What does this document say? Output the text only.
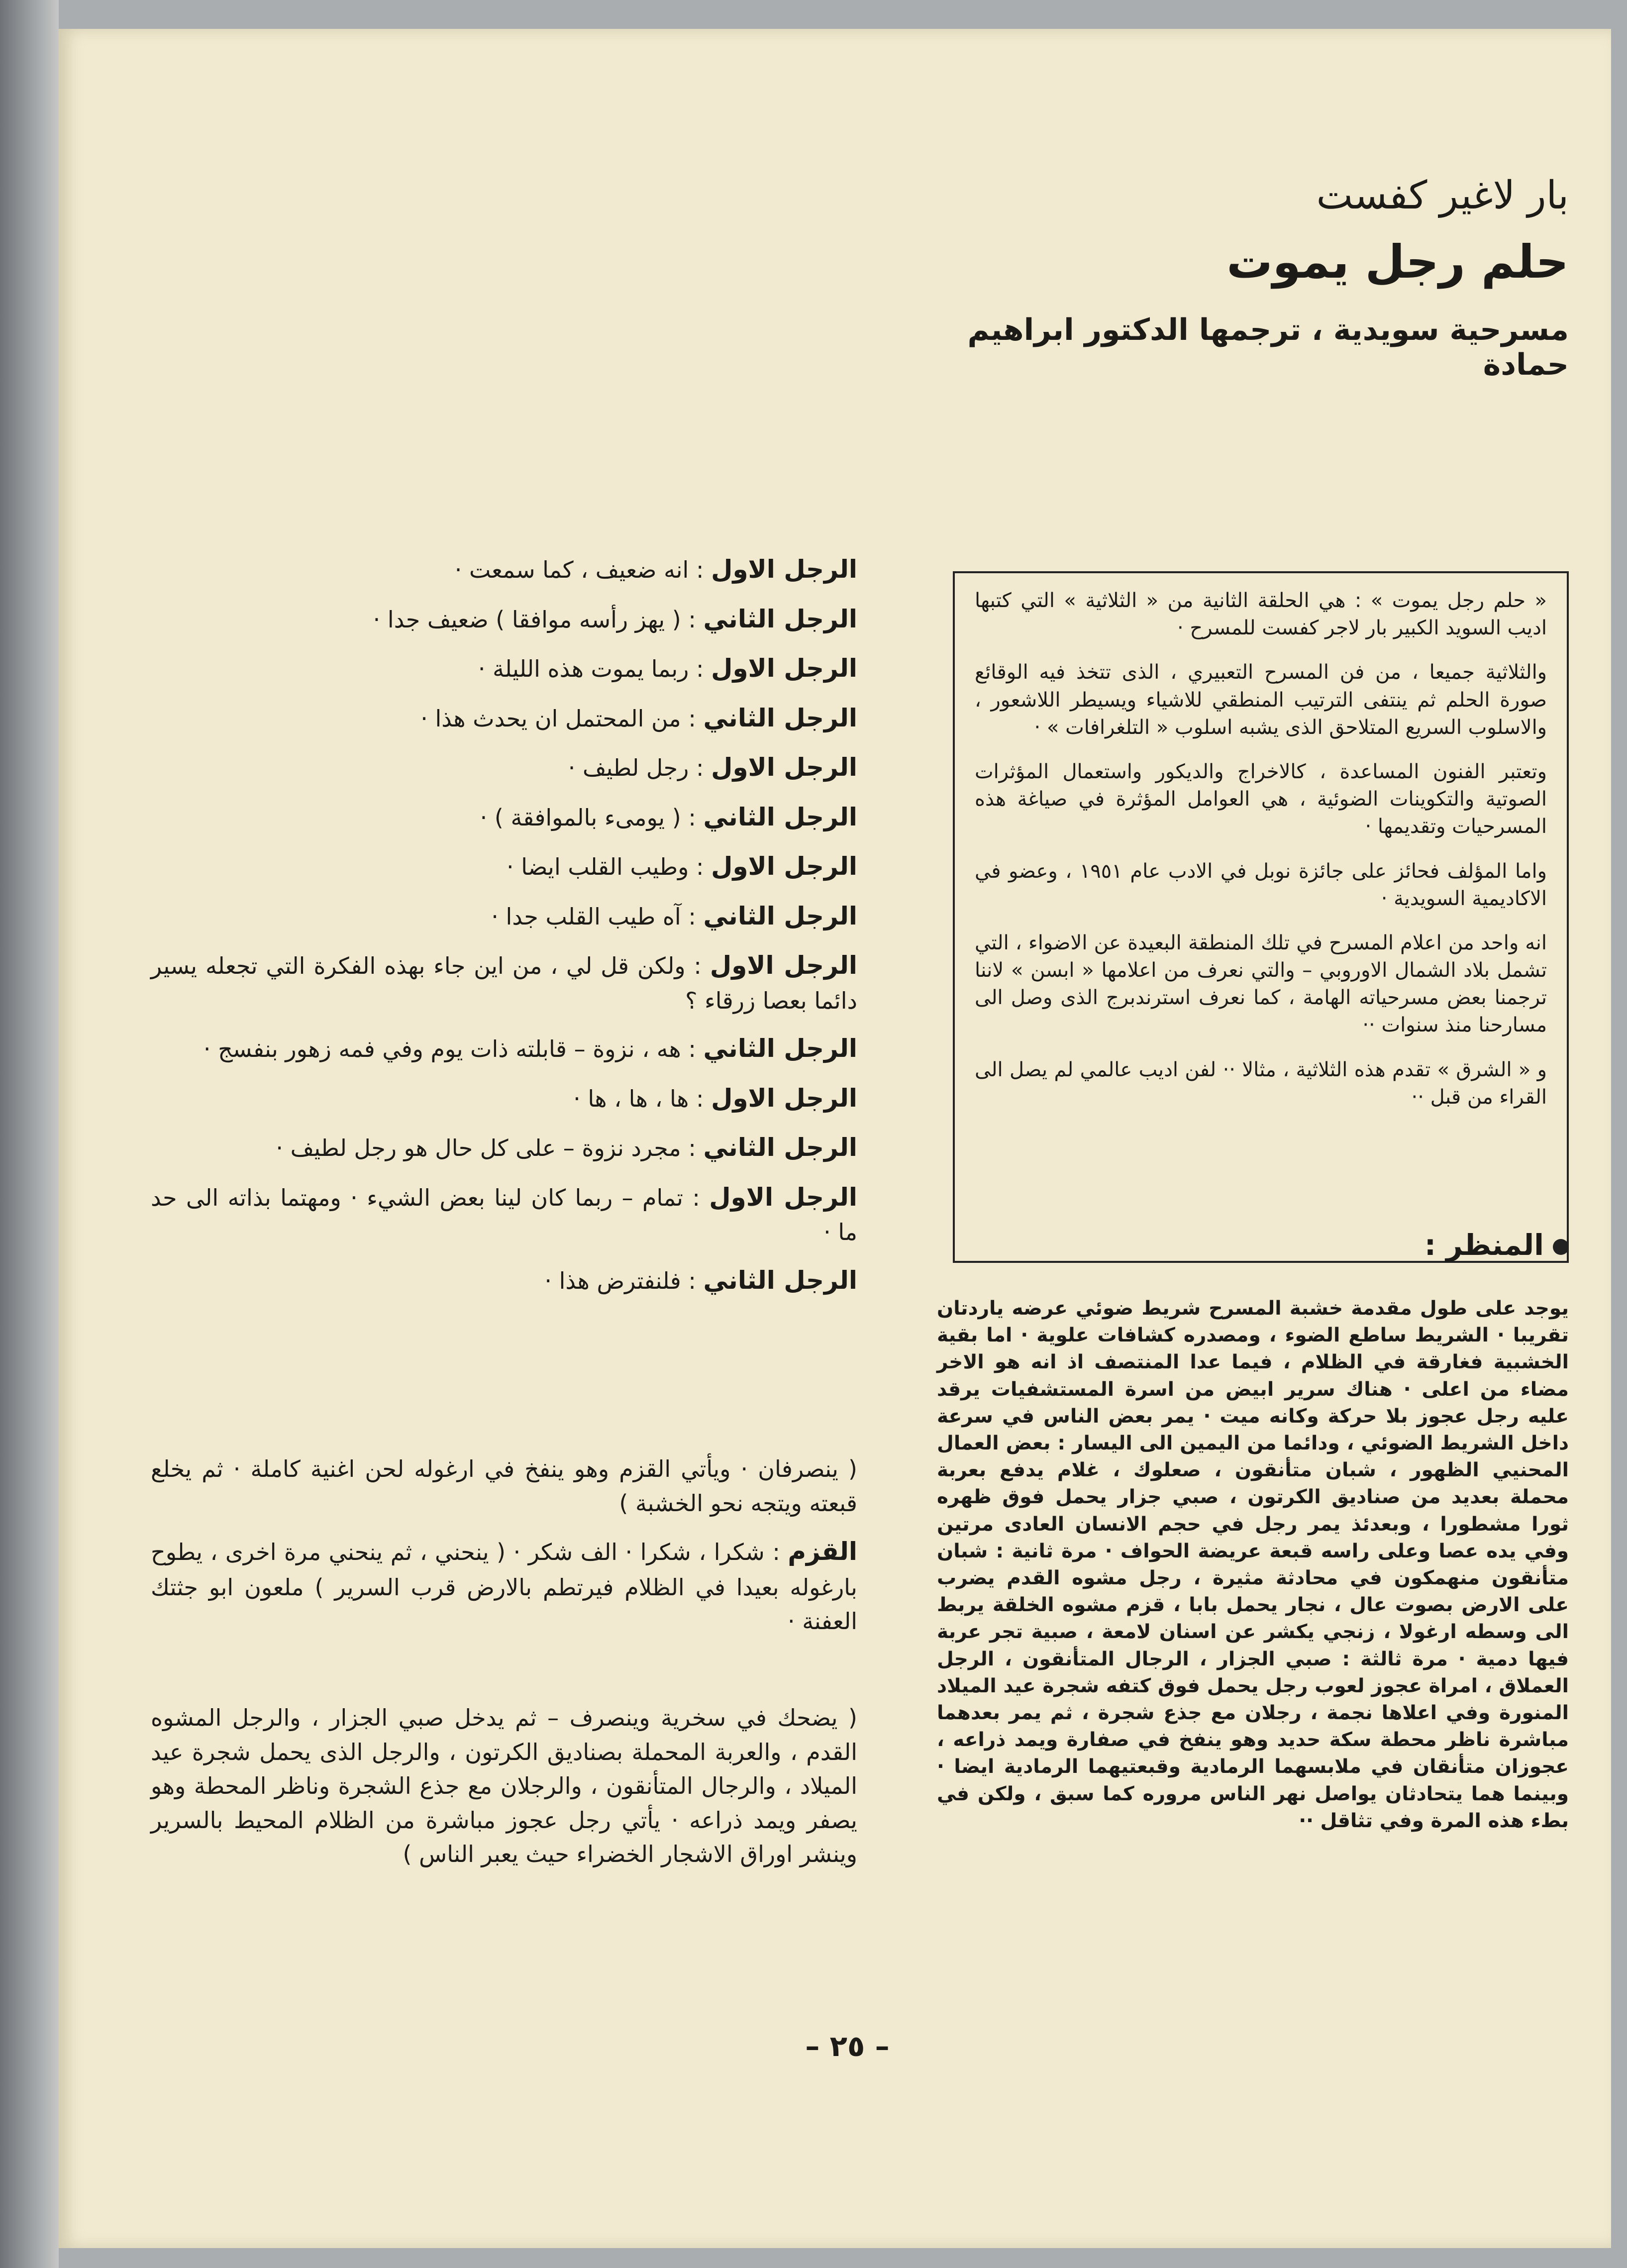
بار لاغير كفست
حلم رجل يموت
مسرحية سويدية ، ترجمها الدكتور ابراهيم حمادة

« حلم رجل يموت » : هي الحلقة الثانية من « الثلاثية » التي كتبها اديب السويد الكبير بار لاجر كفست للمسرح ·

والثلاثية جميعا ، من فن المسرح التعبيري ، الذى تتخذ فيه الوقائع صورة الحلم ثم ينتفى الترتيب المنطقي للاشياء ويسيطر اللاشعور ، والاسلوب السريع المتلاحق الذى يشبه اسلوب « التلغرافات » ·

وتعتبر الفنون المساعدة ، كالاخراج والديكور واستعمال المؤثرات الصوتية والتكوينات الضوئية ، هي العوامل المؤثرة في صياغة هذه المسرحيات وتقديمها ·

واما المؤلف فحائز على جائزة نوبل في الادب عام ١٩٥١ ، وعضو في الاكاديمية السويدية ·

انه واحد من اعلام المسرح في تلك المنطقة البعيدة عن الاضواء ، التي تشمل بلاد الشمال الاوروبي – والتي نعرف من اعلامها « ابسن » لاننا ترجمنا بعض مسرحياته الهامة ، كما نعرف استرندبرج الذى وصل الى مسارحنا منذ سنوات ··

و « الشرق » تقدم هذه الثلاثية ، مثالا ·· لفن اديب عالمي لم يصل الى القراء من قبل ··

المنظر :
يوجد على طول مقدمة خشبة المسرح شريط ضوئي عرضه ياردتان تقريبا · الشريط ساطع الضوء ، ومصدره كشافات علوية · اما بقية الخشبية فغارقة في الظلام ، فيما عدا المنتصف اذ انه هو الاخر مضاء من اعلى · هناك سرير ابيض من اسرة المستشفيات يرقد عليه رجل عجوز بلا حركة وكانه ميت · يمر بعض الناس في سرعة داخل الشريط الضوئي ، ودائما من اليمين الى اليسار : بعض العمال المحنيي الظهور ، شبان متأنقون ، صعلوك ، غلام يدفع بعربة محملة بعديد من صناديق الكرتون ، صبي جزار يحمل فوق ظهره ثورا مشطورا ، وبعدئذ يمر رجل في حجم الانسان العادى مرتين وفي يده عصا وعلى راسه قبعة عريضة الحواف · مرة ثانية : شبان متأنقون منهمكون في محادثة مثيرة ، رجل مشوه القدم يضرب على الارض بصوت عال ، نجار يحمل بابا ، قزم مشوه الخلقة يربط الى وسطه ارغولا ، زنجي يكشر عن اسنان لامعة ، صبية تجر عربة فيها دمية · مرة ثالثة : صبي الجزار ، الرجال المتأنقون ، الرجل العملاق ، امراة عجوز لعوب رجل يحمل فوق كتفه شجرة عيد الميلاد المنورة وفي اعلاها نجمة ، رجلان مع جذع شجرة ، ثم يمر بعدهما مباشرة ناظر محطة سكة حديد وهو ينفخ في صفارة ويمد ذراعه ، عجوزان متأنقان في ملابسهما الرمادية وقبعتيهما الرمادية ايضا · وبينما هما يتحادثان يواصل نهر الناس مروره كما سبق ، ولكن في بطء هذه المرة وفي تثاقل ··
الرجل الاول : انه ضعيف ، كما سمعت ·
الرجل الثاني : ( يهز رأسه موافقا ) ضعيف جدا ·
الرجل الاول : ربما يموت هذه الليلة ·
الرجل الثاني : من المحتمل ان يحدث هذا ·
الرجل الاول : رجل لطيف ·
الرجل الثاني : ( يومىء بالموافقة ) ·
الرجل الاول : وطيب القلب ايضا ·
الرجل الثاني : آه طيب القلب جدا ·
الرجل الاول : ولكن قل لي ، من اين جاء بهذه الفكرة التي تجعله يسير دائما بعصا زرقاء ؟
الرجل الثاني : هه ، نزوة – قابلته ذات يوم وفي فمه زهور بنفسج ·
الرجل الاول : ها ، ها ، ها ·
الرجل الثاني : مجرد نزوة – على كل حال هو رجل لطيف ·
الرجل الاول : تمام – ربما كان لينا بعض الشيء · ومهتما بذاته الى حد ما ·
الرجل الثاني : فلنفترض هذا ·

( ينصرفان · ويأتي القزم وهو ينفخ في ارغوله لحن اغنية كاملة · ثم يخلع قبعته ويتجه نحو الخشبة )

القزم : شكرا ، شكرا · الف شكر · ( ينحني ، ثم ينحني مرة اخرى ، يطوح بارغوله بعيدا في الظلام فيرتطم بالارض قرب السرير ) ملعون ابو جثتك العفنة ·

( يضحك في سخرية وينصرف – ثم يدخل صبي الجزار ، والرجل المشوه القدم ، والعربة المحملة بصناديق الكرتون ، والرجل الذى يحمل شجرة عيد الميلاد ، والرجال المتأنقون ، والرجلان مع جذع الشجرة وناظر المحطة وهو يصفر ويمد ذراعه · يأتي رجل عجوز مباشرة من الظلام المحيط بالسرير وينشر اوراق الاشجار الخضراء حيث يعبر الناس )
– ٢٥ –
